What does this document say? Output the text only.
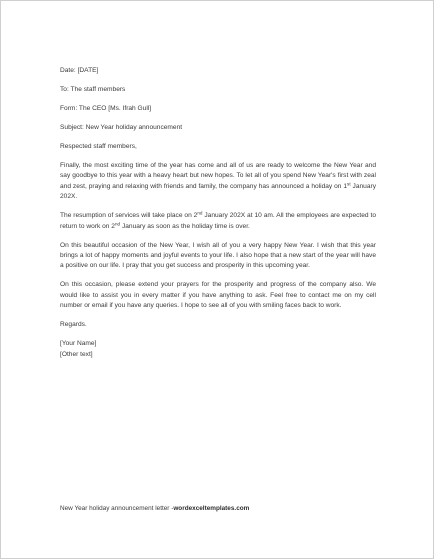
Date: [DATE]

To: The staff members

Form: The CEO [Ms. Ifrah Gull]

Subject: New Year holiday announcement

Respected staff members,

Finally, the most exciting time of the year has come and all of us are ready to welcome the New Year and say goodbye to this year with a heavy heart but new hopes. To let all of you spend New Year's first with zeal and zest, praying and relaxing with friends and family, the company has announced a holiday on 1st January 202X.

The resumption of services will take place on 2nd January 202X at 10 am. All the employees are expected to return to work on 2nd January as soon as the holiday time is over.

On this beautiful occasion of the New Year, I wish all of you a very happy New Year. I wish that this year brings a lot of happy moments and joyful events to your life. I also hope that a new start of the year will have a positive on our life. I pray that you get success and prosperity in this upcoming year.

On this occasion, please extend your prayers for the prosperity and progress of the company also. We would like to assist you in every matter if you have anything to ask. Feel free to contact me on my cell number or email if you have any queries. I hope to see all of you with smiling faces back to work.

Regards.

[Your Name]

[Other text]

New Year holiday announcement letter -wordexceltemplates.com
